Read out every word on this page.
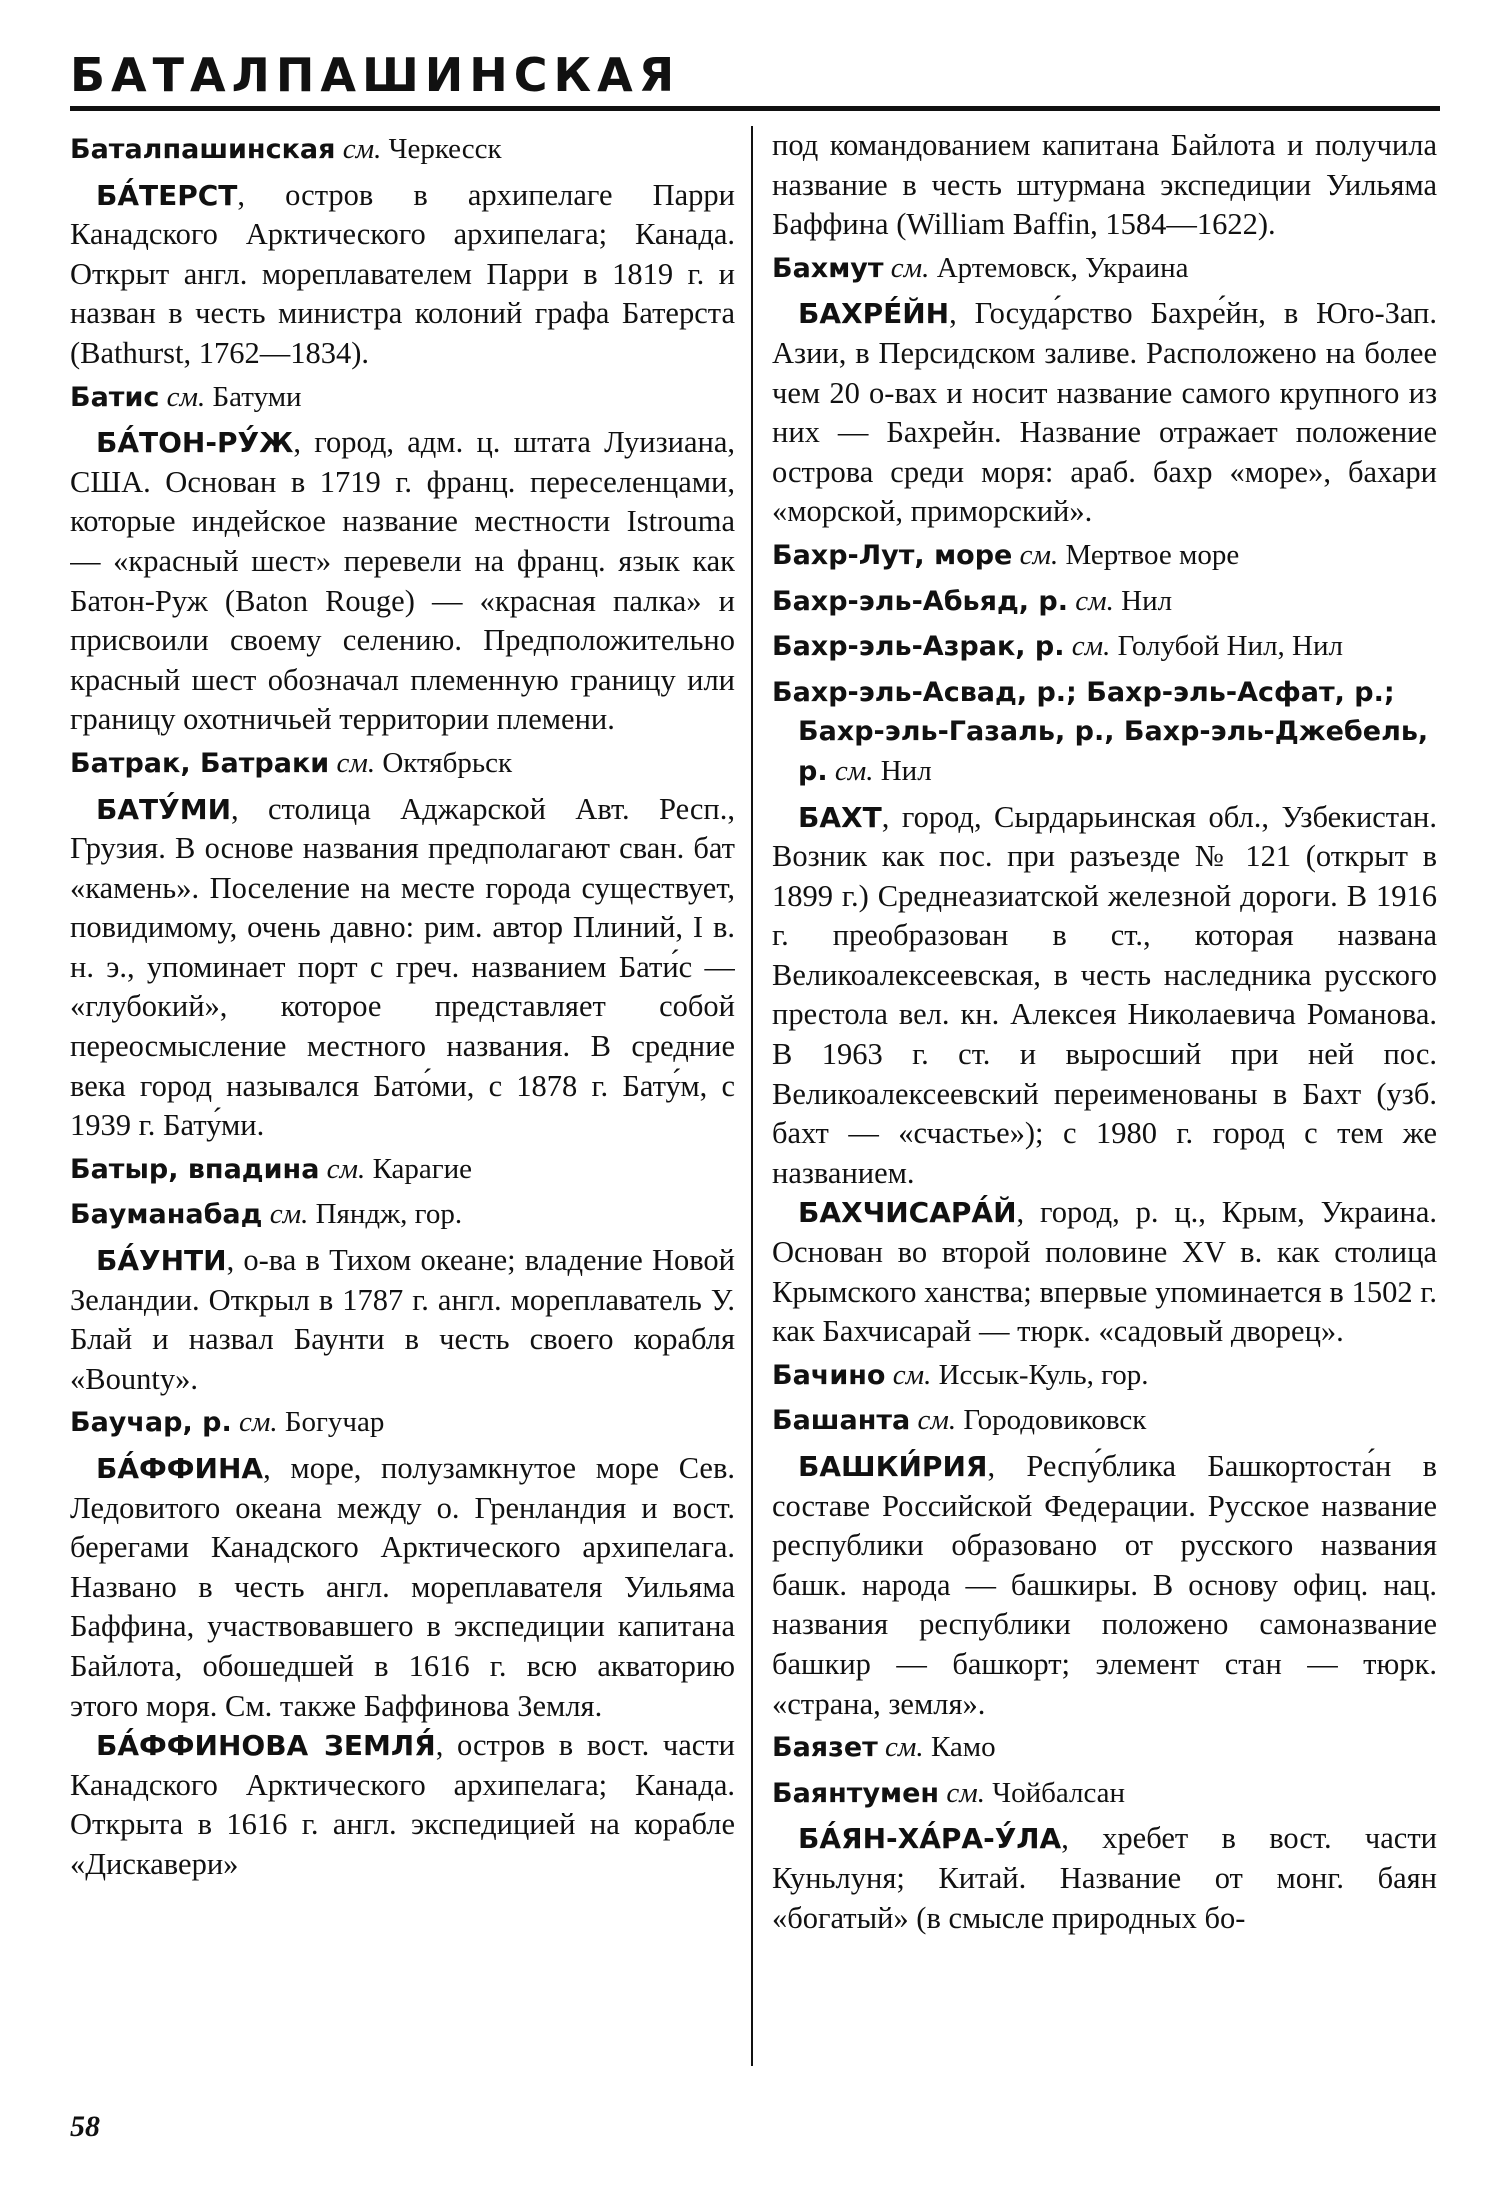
БАТАЛПАШИНСКАЯ

Баталпашинская см. Черкесск

БА́ТЕРСТ, остров в архипелаге Парри Канадского Арктического архипелага; Канада. Открыт англ. мореплавателем Парри в 1819 г. и назван в честь министра колоний графа Батерста (Bathurst, 1762—1834).

Батис см. Батуми

БА́ТОН-РУ́Ж, город, адм. ц. штата Луизиана, США. Основан в 1719 г. франц. переселенцами, которые индейское название местности Istrouma — «красный шест» перевели на франц. язык как Батон-Руж (Baton Rouge) — «красная палка» и присвоили своему селению. Предположительно красный шест обозначал племенную границу или границу охотничьей территории племени.

Батрак, Батраки см. Октябрьск

БАТУ́МИ, столица Аджарской Авт. Респ., Грузия. В основе названия предполагают сван. бат «камень». Поселение на месте города существует, повидимому, очень давно: рим. автор Плиний, I в. н. э., упоминает порт с греч. названием Бати́с — «глубокий», которое представляет собой переосмысление местного названия. В средние века город назывался Бато́ми, с 1878 г. Бату́м, с 1939 г. Бату́ми.

Батыр, впадина см. Карагие

Бауманабад см. Пяндж, гор.

БА́УНТИ, о-ва в Тихом океане; владение Новой Зеландии. Открыл в 1787 г. англ. мореплаватель У. Блай и назвал Баунти в честь своего корабля «Bounty».

Баучар, р. см. Богучар

БА́ФФИНА, море, полузамкнутое море Сев. Ледовитого океана между о. Гренландия и вост. берегами Канадского Арктического архипелага. Названо в честь англ. мореплавателя Уильяма Баффина, участвовавшего в экспедиции капитана Байлота, обошедшей в 1616 г. всю акваторию этого моря. См. также Баффинова Земля.

БА́ФФИНОВА ЗЕМЛЯ́, остров в вост. части Канадского Арктического архипелага; Канада. Открыта в 1616 г. англ. экспедицией на корабле «Дискавери»

под командованием капитана Байлота и получила название в честь штурмана экспедиции Уильяма Баффина (William Baffin, 1584—1622).

Бахмут см. Артемовск, Украина

БАХРЕ́ЙН, Госуда́рство Бахре́йн, в Юго-Зап. Азии, в Персидском заливе. Расположено на более чем 20 о-вах и носит название самого крупного из них — Бахрейн. Название отражает положение острова среди моря: араб. бахр «море», бахари «морской, приморский».

Бахр-Лут, море см. Мертвое море

Бахр-эль-Абьяд, р. см. Нил

Бахр-эль-Азрак, р. см. Голубой Нил, Нил

Бахр-эль-Асвад, р.; Бахр-эль-Асфат, р.; Бахр-эль-Газаль, р., Бахр-эль-Джебель, р. см. Нил

БАХТ, город, Сырдарьинская обл., Узбекистан. Возник как пос. при разъезде № 121 (открыт в 1899 г.) Среднеазиатской железной дороги. В 1916 г. преобразован в ст., которая названа Великоалексеевская, в честь наследника русского престола вел. кн. Алексея Николаевича Романова. В 1963 г. ст. и выросший при ней пос. Великоалексеевский переименованы в Бахт (узб. бахт — «счастье»); с 1980 г. город с тем же названием.

БАХЧИСАРА́Й, город, р. ц., Крым, Украина. Основан во второй половине XV в. как столица Крымского ханства; впервые упоминается в 1502 г. как Бахчисарай — тюрк. «садовый дворец».

Бачино см. Иссык-Куль, гор.

Башанта см. Городовиковск

БАШКИ́РИЯ, Респу́блика Башкортоста́н в составе Российской Федерации. Русское название республики образовано от русского названия башк. народа — башкиры. В основу офиц. нац. названия республики положено самоназвание башкир — башкорт; элемент стан — тюрк. «страна, земля».

Баязет см. Камо

Баянтумен см. Чойбалсан

БА́ЯН-ХА́РА-У́ЛА, хребет в вост. части Куньлуня; Китай. Название от монг. баян «богатый» (в смысле природных бо-

58
